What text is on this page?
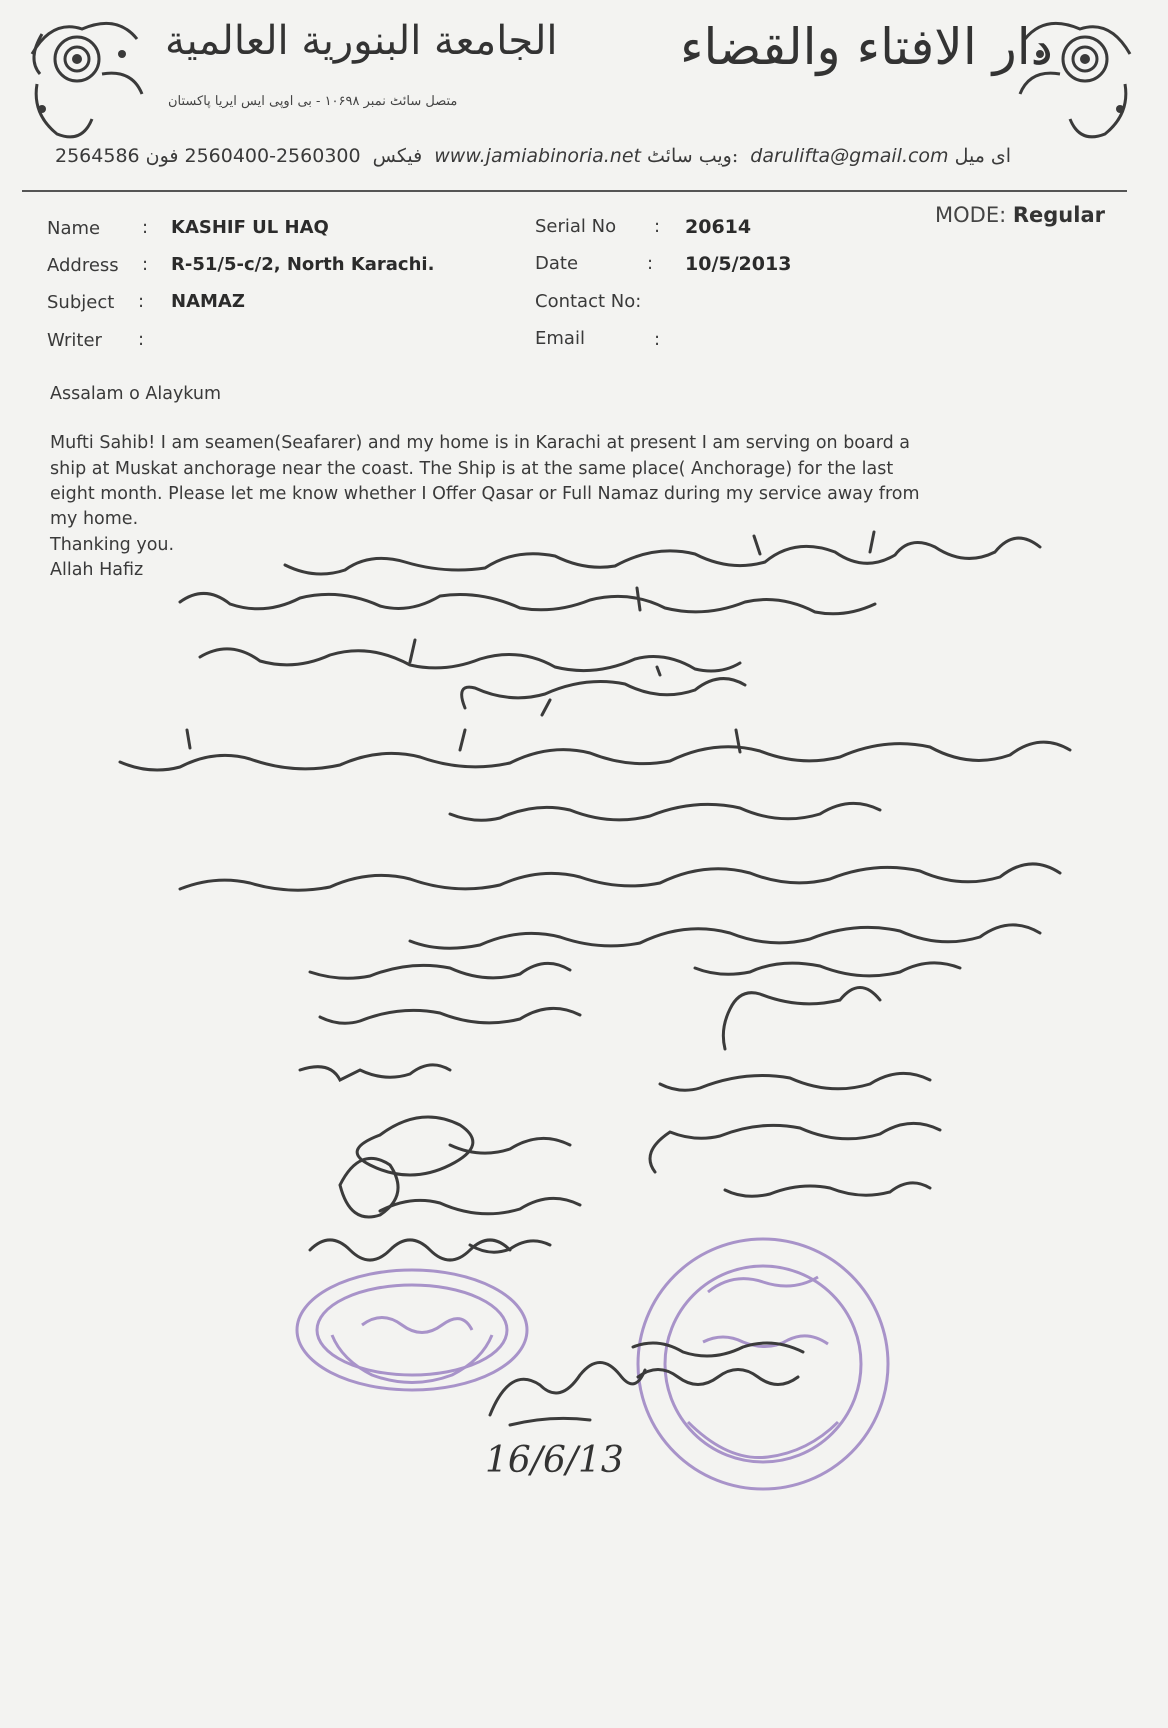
الجامعة البنورية العالمية
متصل سائٹ نمبر ۱۰۶۹۸ - بی اوپی ایس ایریا پاکستان
دار الافتاء والقضاء
2564586	فیکس 2560300-2560400فون	www.jamiabinoria.net ویب سائٹ: darulifta@gmail.com ای میل
Name : KASHIF UL HAQ
Address : R-51/5-c/2, North Karachi.
Subject : NAMAZ
Writer :
Serial No : 20614
Date	: 10/5/2013
Contact No:
Email	:
MODE: Regular
Assalam o Alaykum
Mufti Sahib! I am seamen(Seafarer) and my home is in Karachi at present I am serving on board a
ship at Muskat anchorage near the coast. The Ship is at the same place( Anchorage) for the last
eight month. Please let me know whether I Offer Qasar or Full Namaz during my service away from
my home.
Thanking you.
Allah Hafiz
16/6/13
